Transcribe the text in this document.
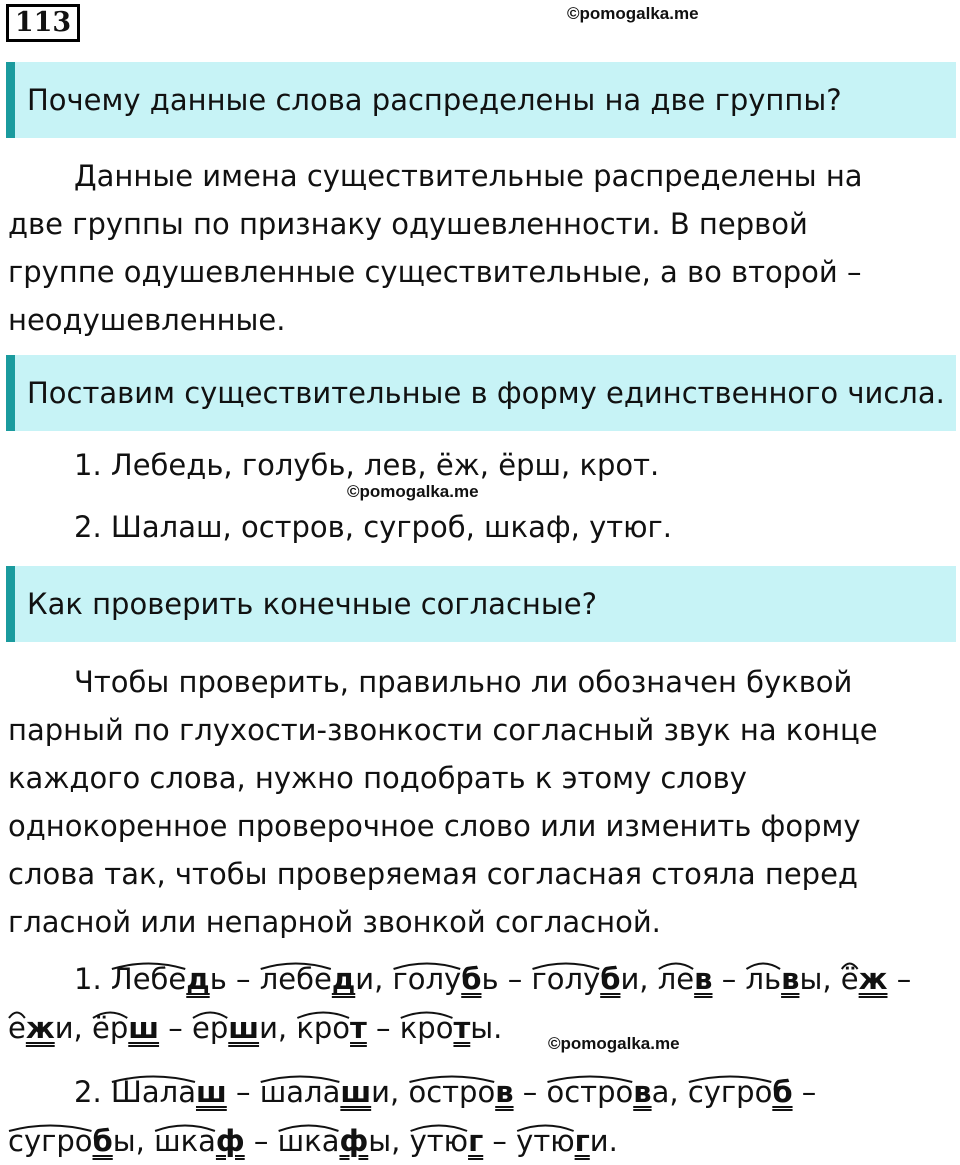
113	©pomogalka.me
Почему данные слова распределены на две группы?

Данные имена существительные распределены на
две группы по признаку одушевленности. В первой
группе одушевленные существительные, а во второй –
неодушевленные.

Поставим существительные в форму единственного числа.
1. Лебедь, голубь, лев, ёж, ёрш, крот.
©pomogalka.me
2. Шалаш, остров, сугроб, шкаф, утюг.
Как проверить конечные согласные?

Чтобы проверить, правильно ли обозначен буквой
парный по глухости-звонкости согласный звук на конце
каждого слова, нужно подобрать к этому слову
однокоренное проверочное слово или изменить форму
слова так, чтобы проверяемая согласная стояла перед
гласной или непарной звонкой согласной.

1. Лебедь – лебеди, голубь – голуби, лев – львы, ёж –
ежи, ёрш – ерши, крот – кроты.	©pomogalka.me
2. Шалаш – шалаши, остров – острова, сугроб –
сугробы, шкаф – шкафы, утюг – утюги.
